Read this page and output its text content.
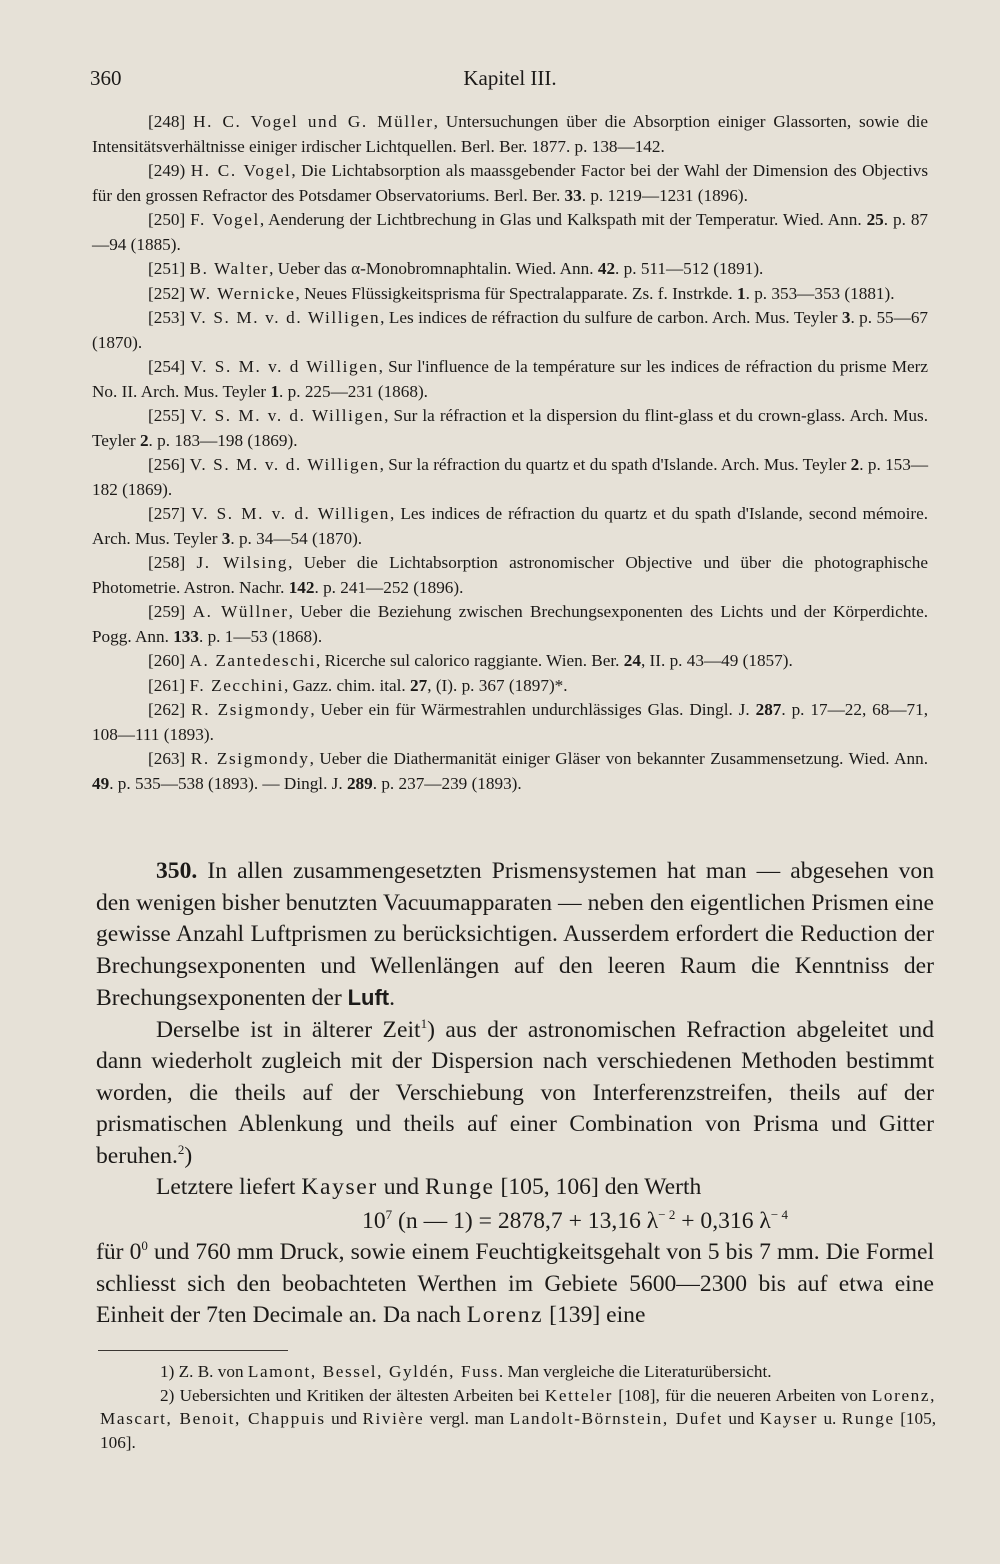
360	Kapitel III.

[248] H. C. Vogel und G. Müller, Untersuchungen über die Absorption einiger Glassorten, sowie die Intensitätsverhältnisse einiger irdischer Lichtquellen. Berl. Ber. 1877. p. 138—142.

[249) H. C. Vogel, Die Lichtabsorption als maassgebender Factor bei der Wahl der Dimension des Objectivs für den grossen Refractor des Potsdamer Observatoriums. Berl. Ber. 33. p. 1219—1231 (1896).

[250] F. Vogel, Aenderung der Lichtbrechung in Glas und Kalkspath mit der Temperatur. Wied. Ann. 25. p. 87—94 (1885).

[251] B. Walter, Ueber das α-Monobromnaphtalin. Wied. Ann. 42. p. 511—512 (1891).

[252] W. Wernicke, Neues Flüssigkeitsprisma für Spectralapparate. Zs. f. Instrkde. 1. p. 353—353 (1881).

[253] V. S. M. v. d. Willigen, Les indices de réfraction du sulfure de carbon. Arch. Mus. Teyler 3. p. 55—67 (1870).

[254] V. S. M. v. d Willigen, Sur l'influence de la température sur les indices de réfraction du prisme Merz No. II. Arch. Mus. Teyler 1. p. 225—231 (1868).

[255] V. S. M. v. d. Willigen, Sur la réfraction et la dispersion du flint-glass et du crown-glass. Arch. Mus. Teyler 2. p. 183—198 (1869).

[256] V. S. M. v. d. Willigen, Sur la réfraction du quartz et du spath d'Islande. Arch. Mus. Teyler 2. p. 153—182 (1869).

[257] V. S. M. v. d. Willigen, Les indices de réfraction du quartz et du spath d'Islande, second mémoire. Arch. Mus. Teyler 3. p. 34—54 (1870).

[258] J. Wilsing, Ueber die Lichtabsorption astronomischer Objective und über die photographische Photometrie. Astron. Nachr. 142. p. 241—252 (1896).

[259] A. Wüllner, Ueber die Beziehung zwischen Brechungsexponenten des Lichts und der Körperdichte. Pogg. Ann. 133. p. 1—53 (1868).

[260] A. Zantedeschi, Ricerche sul calorico raggiante. Wien. Ber. 24, II. p. 43—49 (1857).

[261] F. Zecchini, Gazz. chim. ital. 27, (I). p. 367 (1897)*.

[262] R. Zsigmondy, Ueber ein für Wärmestrahlen undurchlässiges Glas. Dingl. J. 287. p. 17—22, 68—71, 108—111 (1893).

[263] R. Zsigmondy, Ueber die Diathermanität einiger Gläser von bekannter Zusammensetzung. Wied. Ann. 49. p. 535—538 (1893). — Dingl. J. 289. p. 237—239 (1893).

350. In allen zusammengesetzten Prismensystemen hat man — abgesehen von den wenigen bisher benutzten Vacuumapparaten — neben den eigentlichen Prismen eine gewisse Anzahl Luftprismen zu berücksichtigen. Ausserdem erfordert die Reduction der Brechungsexponenten und Wellenlängen auf den leeren Raum die Kenntniss der Brechungsexponenten der Luft.

Derselbe ist in älterer Zeit$^1$) aus der astronomischen Refraction abgeleitet und dann wiederholt zugleich mit der Dispersion nach verschiedenen Methoden bestimmt worden, die theils auf der Verschiebung von Interferenzstreifen, theils auf der prismatischen Ablenkung und theils auf einer Combination von Prisma und Gitter beruhen.$^2$)

Letztere liefert Kayser und Runge [105, 106] den Werth

$10^7$ (n — 1) = 2878,7 + 13,16 $\lambda^{- 2} + 0,316$ $\lambda^{- 4}$

für $0^0$ und 760 mm Druck, sowie einem Feuchtigkeitsgehalt von 5 bis 7 mm. Die Formel schliesst sich den beobachteten Werthen im Gebiete 5600—2300 bis auf etwa eine Einheit der 7ten Decimale an. Da nach Lorenz [139] eine

1) Z. B. von Lamont, Bessel, Gyldén, Fuss. Man vergleiche die Literaturübersicht.

2) Uebersichten und Kritiken der ältesten Arbeiten bei Ketteler [108], für die neueren Arbeiten von Lorenz, Mascart, Benoit, Chappuis und Rivière vergl. man Landolt-Börnstein, Dufet und Kayser u. Runge [105, 106].
